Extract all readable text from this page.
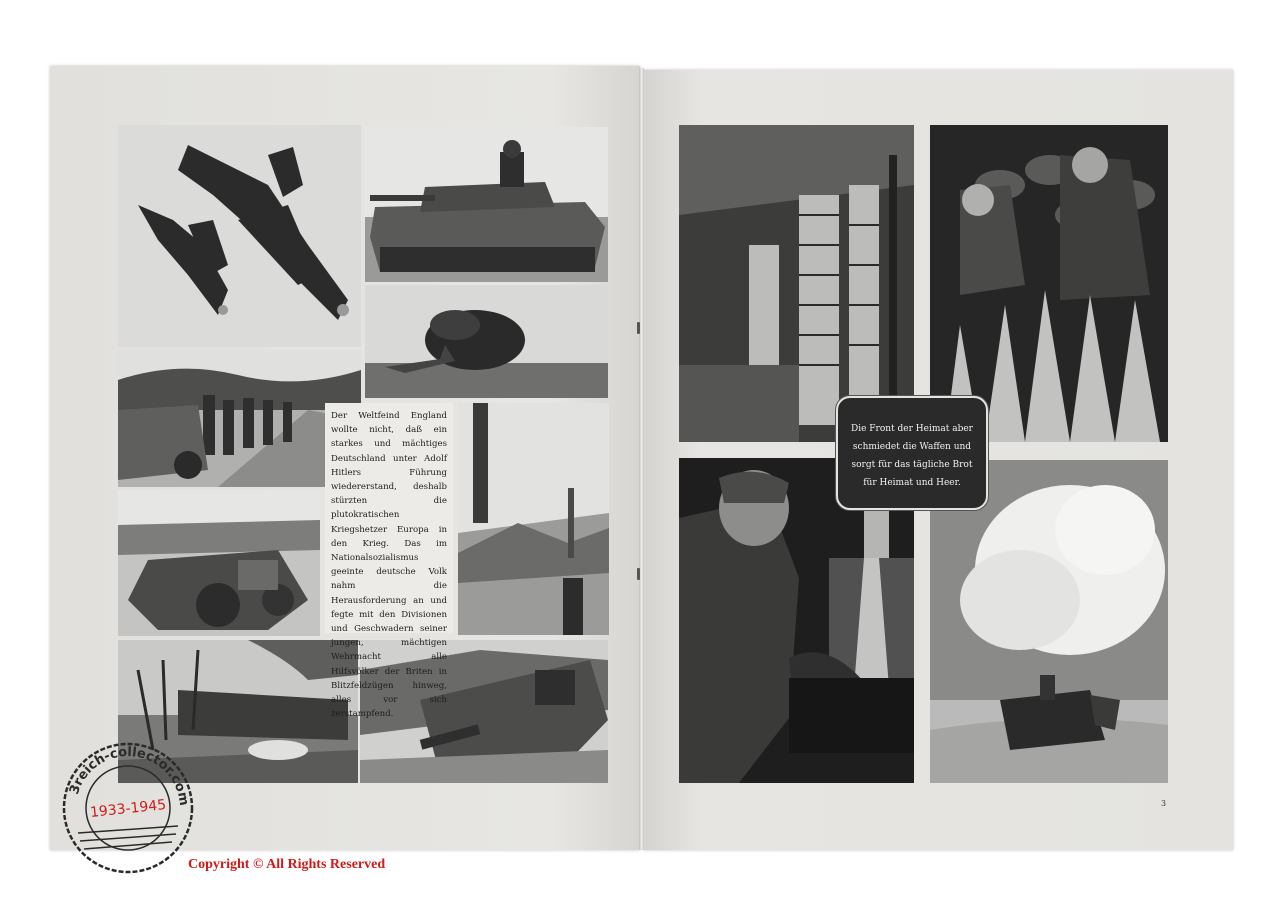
Der Weltfeind England wollte nicht, daß ein starkes und mächtiges Deutschland unter Adolf Hitlers Führung wiedererstand, deshalb stürzten die plutokratischen Kriegshetzer Europa in den Krieg. Das im Nationalsozialismus geeinte deutsche Volk nahm die Herausforderung an und fegte mit den Divisionen und Geschwadern seiner jungen, mächtigen Wehrmacht alle Hilfsvölker der Briten in Blitzfeldzügen hinweg, alles vor sich zerstampfend.

Die Front der Heimat aber
schmiedet die Waffen und
sorgt für das tägliche Brot
für Heimat und Heer.

3
3reich-collector.com
1933-1945
Copyright © All Rights Reserved
